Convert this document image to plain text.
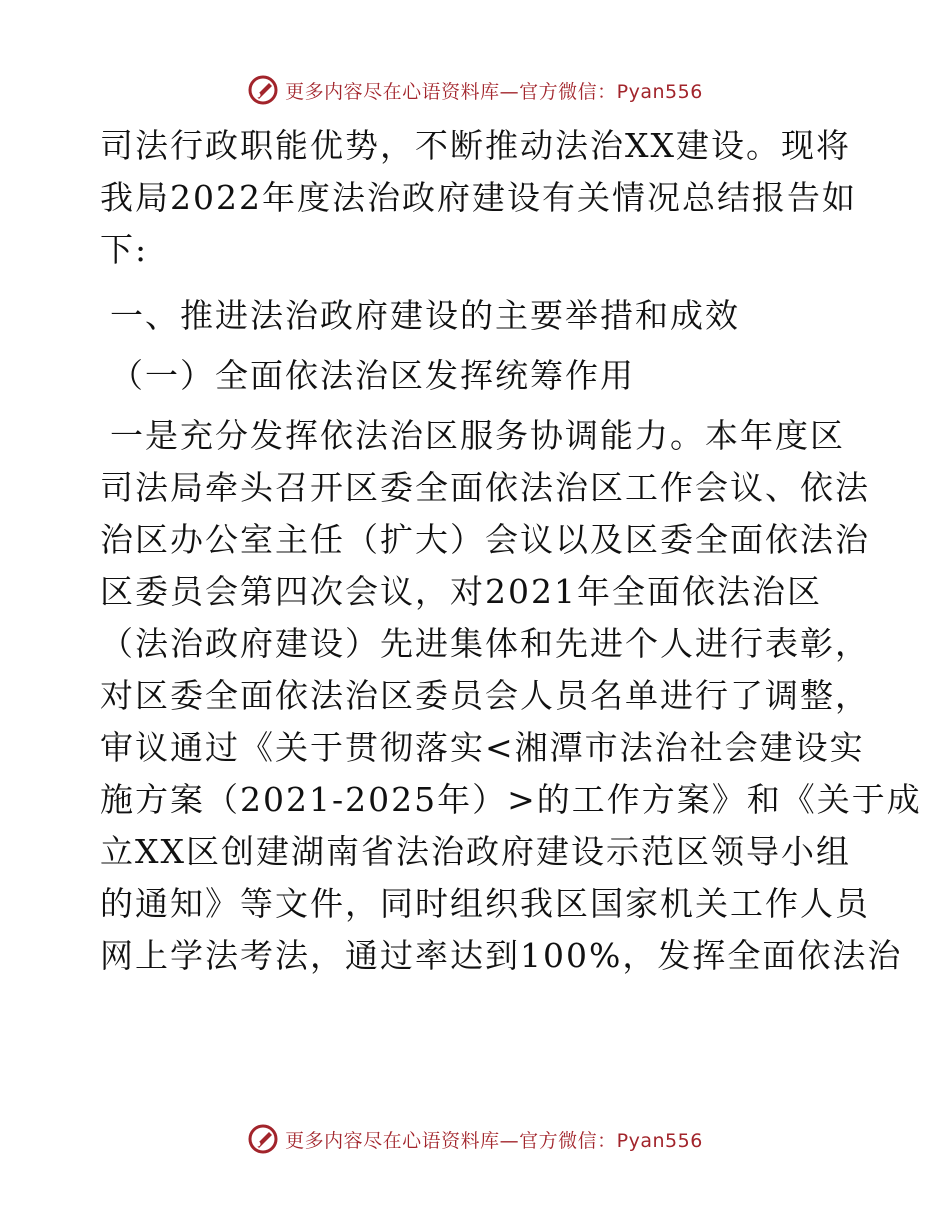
更多内容尽在心语资料库—官方微信：Pyan556
司法行政职能优势，不断推动法治XX建设。现将
我局2022年度法治政府建设有关情况总结报告如
下:
一、推进法治政府建设的主要举措和成效
（一）全面依法治区发挥统筹作用
一是充分发挥依法治区服务协调能力。本年度区
司法局牵头召开区委全面依法治区工作会议、依法
治区办公室主任（扩大）会议以及区委全面依法治
区委员会第四次会议，对2021年全面依法治区
（法治政府建设）先进集体和先进个人进行表彰，
对区委全面依法治区委员会人员名单进行了调整，
审议通过《关于贯彻落实<湘潭市法治社会建设实
施方案（2021-2025年）>的工作方案》和《关于成
立XX区创建湖南省法治政府建设示范区领导小组
的通知》等文件，同时组织我区国家机关工作人员
网上学法考法，通过率达到100%，发挥全面依法治
更多内容尽在心语资料库—官方微信：Pyan556
